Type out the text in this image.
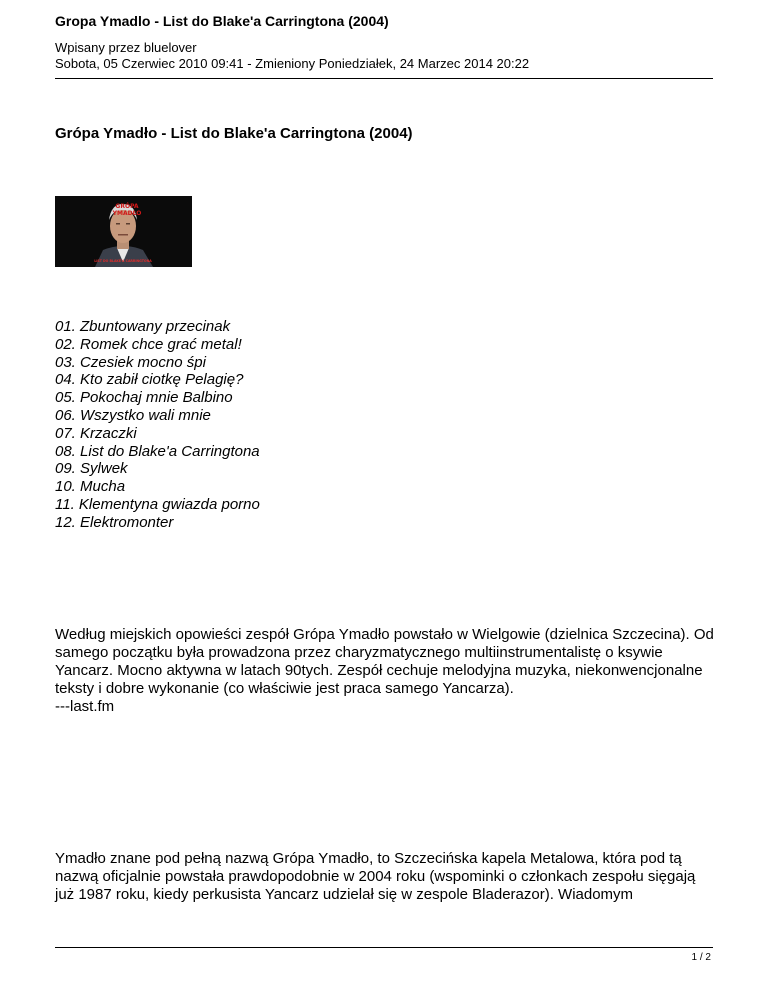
Gropa Ymadlo - List do Blake'a Carringtona (2004)
Wpisany przez bluelover
Sobota, 05 Czerwiec 2010 09:41 - Zmieniony Poniedziałek, 24 Marzec 2014 20:22
Grópa Ymadło - List do Blake'a Carringtona (2004)
GRÓPA
YMADŁO
LIST DO BLAKE'A CARRINGTONA
01. Zbuntowany przecinak
02. Romek chce grać metal!
03. Czesiek mocno śpi
04. Kto zabił ciotkę Pelagię?
05. Pokochaj mnie Balbino
06. Wszystko wali mnie
07. Krzaczki
08. List do Blake'a Carringtona
09. Sylwek
10. Mucha
11. Klementyna gwiazda porno
12. Elektromonter
Według miejskich opowieści zespół Grópa Ymadło powstało w Wielgowie (dzielnica Szczecina). Od samego początku była prowadzona przez charyzmatycznego multiinstrumentalistę o ksywie Yancarz. Mocno aktywna w latach 90tych. Zespół cechuje melodyjna muzyka, niekonwencjonalne teksty i dobre wykonanie (co właściwie jest praca samego Yancarza).
---last.fm

Ymadło znane pod pełną nazwą Grópa Ymadło, to Szczecińska kapela Metalowa, która pod tą nazwą oficjalnie powstała prawdopodobnie w 2004 roku (wspominki o członkach zespołu sięgają już 1987 roku, kiedy perkusista Yancarz udzielał się w zespole Bladerazor). Wiadomym

1 / 2
